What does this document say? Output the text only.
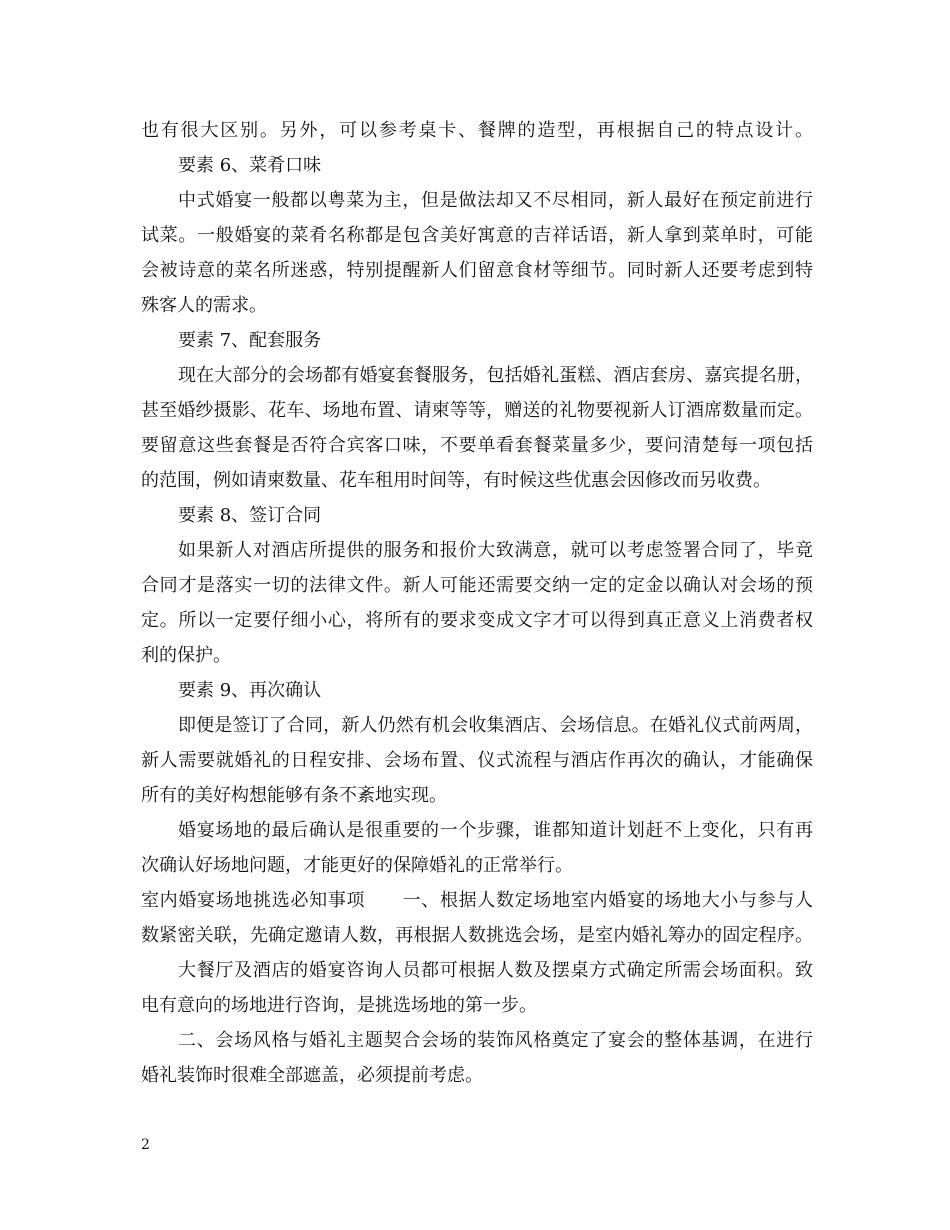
也有很大区别。另外，可以参考桌卡、餐牌的造型，再根据自己的特点设计。
要素 6、菜肴口味
中式婚宴一般都以粤菜为主，但是做法却又不尽相同，新人最好在预定前进行
试菜。一般婚宴的菜肴名称都是包含美好寓意的吉祥话语，新人拿到菜单时，可能
会被诗意的菜名所迷惑，特别提醒新人们留意食材等细节。同时新人还要考虑到特
殊客人的需求。
要素 7、配套服务
现在大部分的会场都有婚宴套餐服务，包括婚礼蛋糕、酒店套房、嘉宾提名册，
甚至婚纱摄影、花车、场地布置、请柬等等，赠送的礼物要视新人订酒席数量而定。
要留意这些套餐是否符合宾客口味，不要单看套餐菜量多少，要问清楚每一项包括
的范围，例如请柬数量、花车租用时间等，有时候这些优惠会因修改而另收费。
要素 8、签订合同
如果新人对酒店所提供的服务和报价大致满意，就可以考虑签署合同了，毕竟
合同才是落实一切的法律文件。新人可能还需要交纳一定的定金以确认对会场的预
定。所以一定要仔细小心，将所有的要求变成文字才可以得到真正意义上消费者权
利的保护。
要素 9、再次确认
即便是签订了合同，新人仍然有机会收集酒店、会场信息。在婚礼仪式前两周，
新人需要就婚礼的日程安排、会场布置、仪式流程与酒店作再次的确认，才能确保
所有的美好构想能够有条不紊地实现。
婚宴场地的最后确认是很重要的一个步骤，谁都知道计划赶不上变化，只有再
次确认好场地问题，才能更好的保障婚礼的正常举行。
室内婚宴场地挑选必知事项　　一、根据人数定场地室内婚宴的场地大小与参与人
数紧密关联，先确定邀请人数，再根据人数挑选会场，是室内婚礼筹办的固定程序。
大餐厅及酒店的婚宴咨询人员都可根据人数及摆桌方式确定所需会场面积。致
电有意向的场地进行咨询，是挑选场地的第一步。
二、会场风格与婚礼主题契合会场的装饰风格奠定了宴会的整体基调，在进行
婚礼装饰时很难全部遮盖，必须提前考虑。
2
